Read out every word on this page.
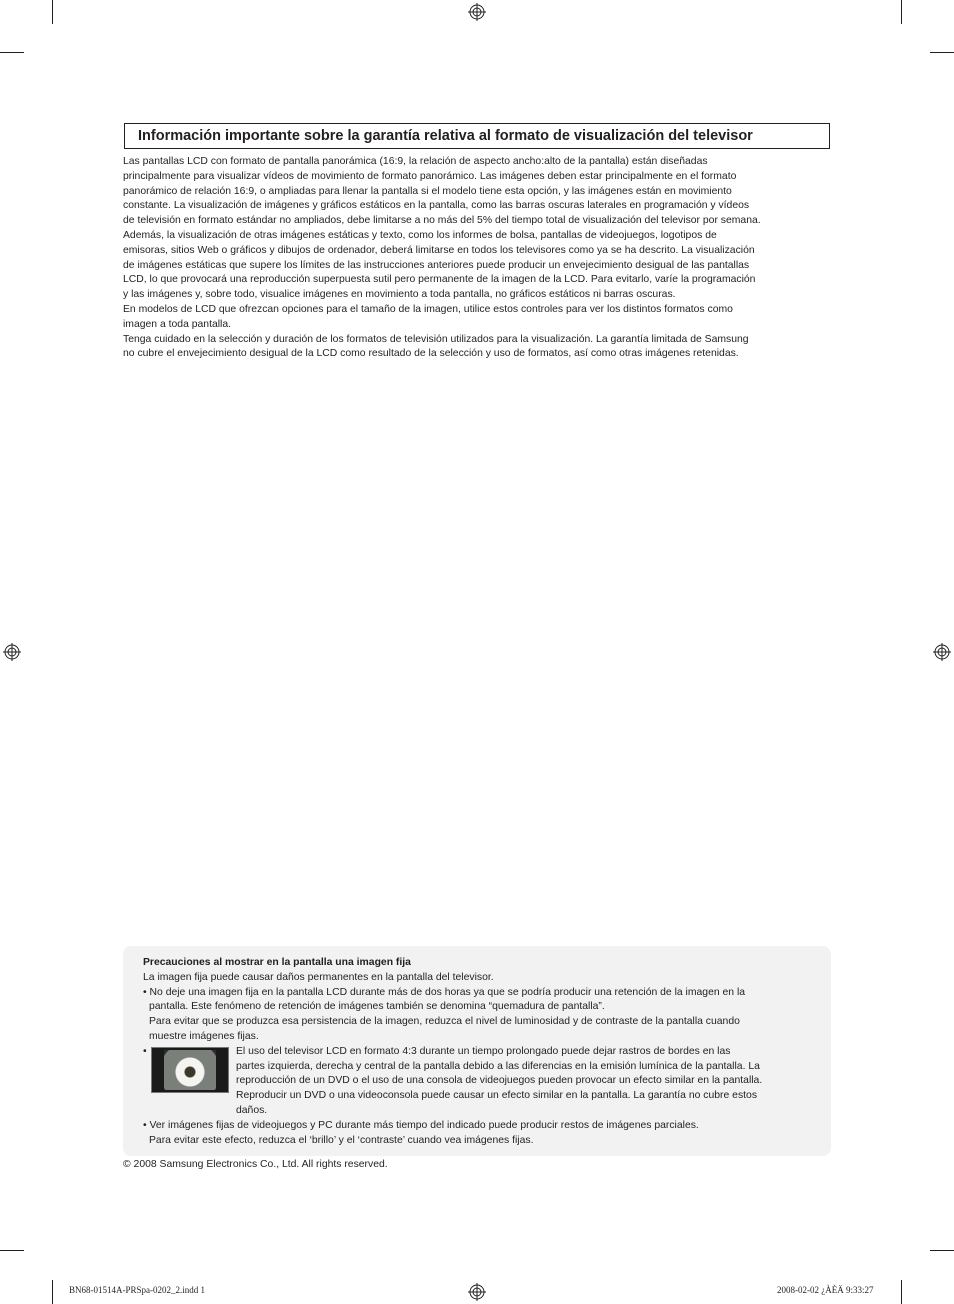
Información importante sobre la garantía relativa al formato de visualización del televisor

Las pantallas LCD con formato de pantalla panorámica (16:9, la relación de aspecto ancho:alto de la pantalla) están diseñadas

principalmente para visualizar vídeos de movimiento de formato panorámico. Las imágenes deben estar principalmente en el formato

panorámico de relación 16:9, o ampliadas para llenar la pantalla si el modelo tiene esta opción, y las imágenes están en movimiento

constante. La visualización de imágenes y gráficos estáticos en la pantalla, como las barras oscuras laterales en programación y vídeos

de televisión en formato estándar no ampliados, debe limitarse a no más del 5% del tiempo total de visualización del televisor por semana.

Además, la visualización de otras imágenes estáticas y texto, como los informes de bolsa, pantallas de videojuegos, logotipos de

emisoras, sitios Web o gráficos y dibujos de ordenador, deberá limitarse en todos los televisores como ya se ha descrito. La visualización

de imágenes estáticas que supere los límites de las instrucciones anteriores puede producir un envejecimiento desigual de las pantallas

LCD, lo que provocará una reproducción superpuesta sutil pero permanente de la imagen de la LCD. Para evitarlo, varíe la programación

y las imágenes y, sobre todo, visualice imágenes en movimiento a toda pantalla, no gráficos estáticos ni barras oscuras.

En modelos de LCD que ofrezcan opciones para el tamaño de la imagen, utilice estos controles para ver los distintos formatos como

imagen a toda pantalla.

Tenga cuidado en la selección y duración de los formatos de televisión utilizados para la visualización. La garantía limitada de Samsung

no cubre el envejecimiento desigual de la LCD como resultado de la selección y uso de formatos, así como otras imágenes retenidas.

Precauciones al mostrar en la pantalla una imagen fija

La imagen fija puede causar daños permanentes en la pantalla del televisor.

• No deje una imagen fija en la pantalla LCD durante más de dos horas ya que se podría producir una retención de la imagen en la

pantalla. Este fenómeno de retención de imágenes también se denomina “quemadura de pantalla”.

Para evitar que se produzca esa persistencia de la imagen, reduzca el nivel de luminosidad y de contraste de la pantalla cuando

muestre imágenes fijas.

•	El uso del televisor LCD en formato 4:3 durante un tiempo prolongado puede dejar rastros de bordes en las

partes izquierda, derecha y central de la pantalla debido a las diferencias en la emisión lumínica de la pantalla. La

reproducción de un DVD o el uso de una consola de videojuegos pueden provocar un efecto similar en la pantalla.

Reproducir un DVD o una videoconsola puede causar un efecto similar en la pantalla. La garantía no cubre estos

daños.

• Ver imágenes fijas de videojuegos y PC durante más tiempo del indicado puede producir restos de imágenes parciales.

Para evitar este efecto, reduzca el ‘brillo’ y el ‘contraste’ cuando vea imágenes fijas.

© 2008 Samsung Electronics Co., Ltd. All rights reserved.
BN68-01514A-PRSpa-0202_2.indd 1	2008-02-02 ¿ÀÈÄ 9:33:27
